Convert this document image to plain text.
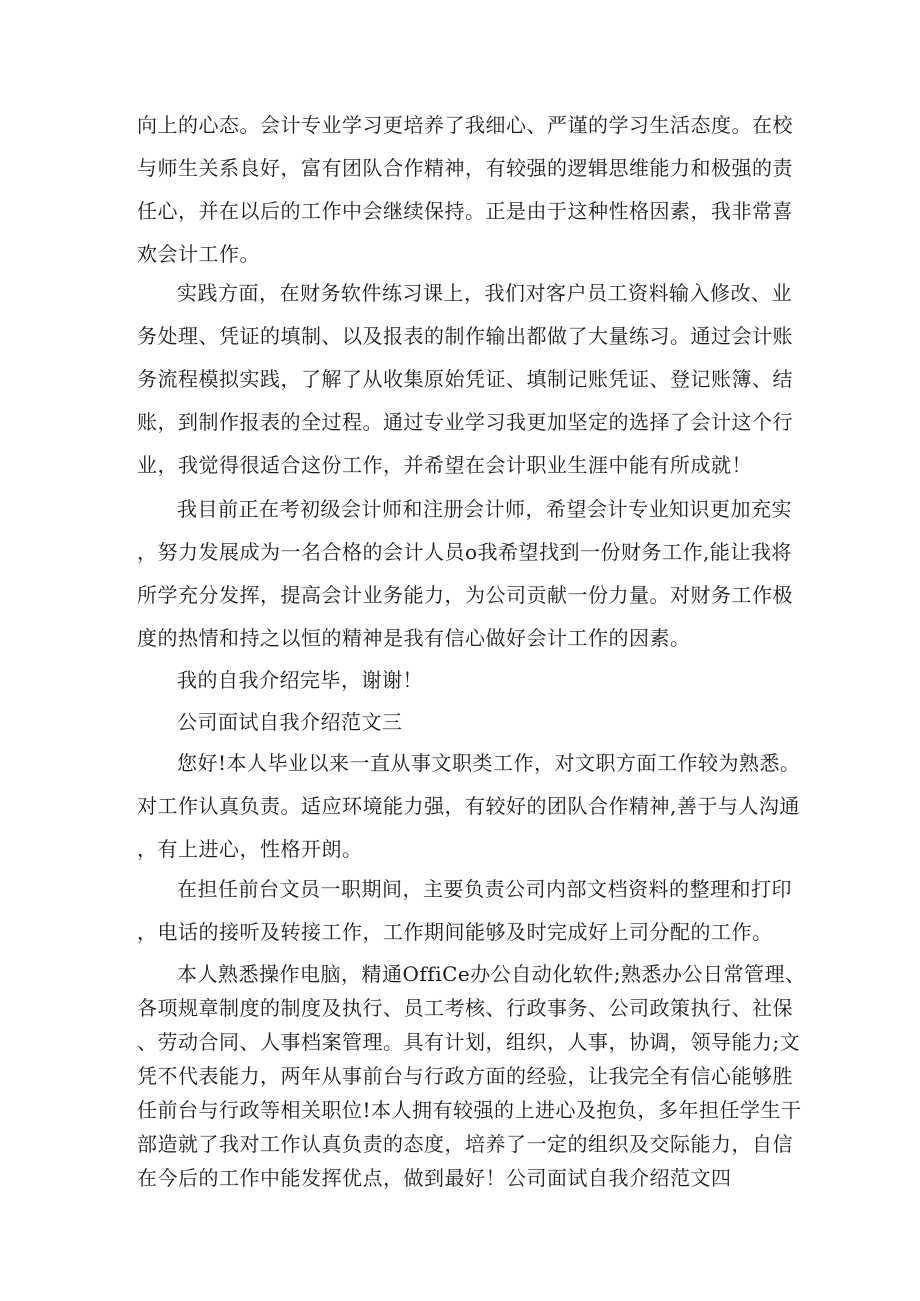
向上的心态。会计专业学习更培养了我细心、严谨的学习生活态度。在校与师生关系良好，富有团队合作精神，有较强的逻辑思维能力和极强的责任心，并在以后的工作中会继续保持。正是由于这种性格因素，我非常喜欢会计工作。

实践方面，在财务软件练习课上，我们对客户员工资料输入修改、业务处理、凭证的填制、以及报表的制作输出都做了大量练习。通过会计账务流程模拟实践，了解了从收集原始凭证、填制记账凭证、登记账簿、结账，到制作报表的全过程。通过专业学习我更加坚定的选择了会计这个行业，我觉得很适合这份工作，并希望在会计职业生涯中能有所成就！

我目前正在考初级会计师和注册会计师，希望会计专业知识更加充实，努力发展成为一名合格的会计人员o我希望找到一份财务工作,能让我将所学充分发挥，提高会计业务能力，为公司贡献一份力量。对财务工作极度的热情和持之以恒的精神是我有信心做好会计工作的因素。

我的自我介绍完毕，谢谢！

公司面试自我介绍范文三

您好!本人毕业以来一直从事文职类工作，对文职方面工作较为熟悉。对工作认真负责。适应环境能力强，有较好的团队合作精神,善于与人沟通，有上进心，性格开朗。

在担任前台文员一职期间，主要负责公司内部文档资料的整理和打印，电话的接听及转接工作，工作期间能够及时完成好上司分配的工作。

本人熟悉操作电脑，精通OffiCe办公自动化软件;熟悉办公日常管理、各项规章制度的制度及执行、员工考核、行政事务、公司政策执行、社保、劳动合同、人事档案管理。具有计划，组织，人事，协调，领导能力;文凭不代表能力，两年从事前台与行政方面的经验，让我完全有信心能够胜任前台与行政等相关职位!本人拥有较强的上进心及抱负，多年担任学生干部造就了我对工作认真负责的态度，培养了一定的组织及交际能力，自信在今后的工作中能发挥优点，做到最好！公司面试自我介绍范文四
